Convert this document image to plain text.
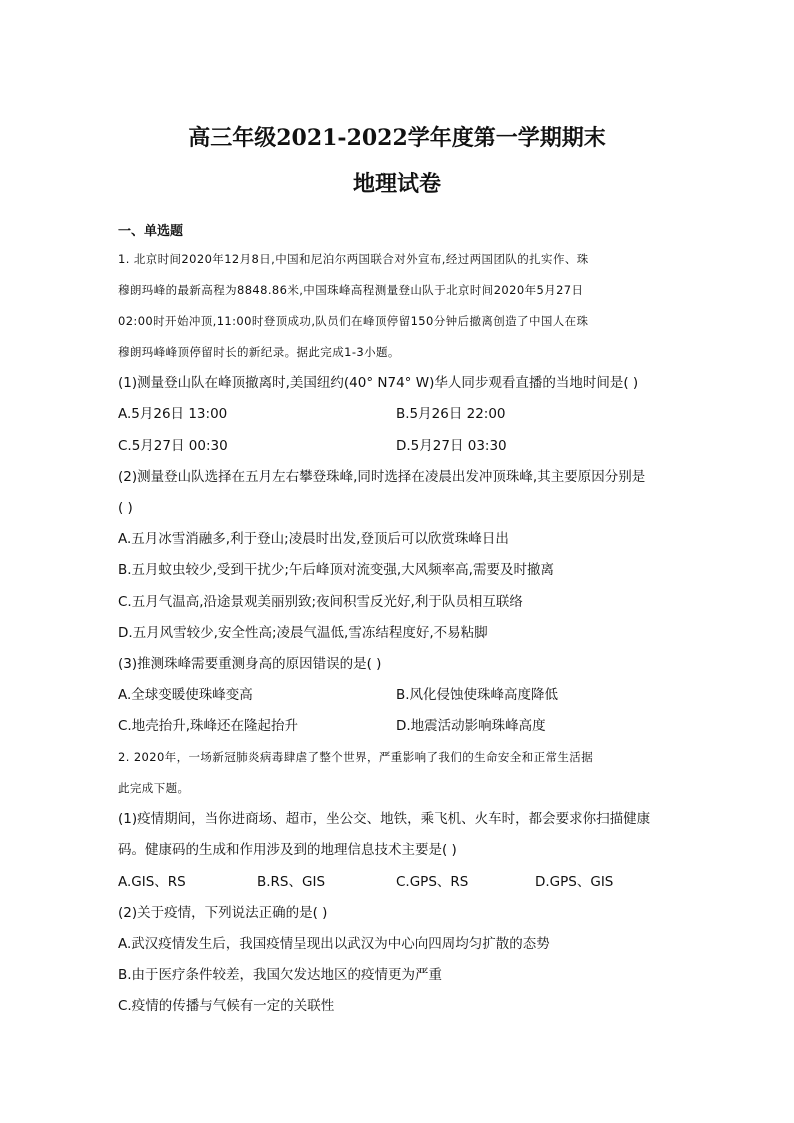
高三年级2021-2022学年度第一学期期末
地理试卷
一、单选题
1. 北京时间2020年12月8日,中国和尼泊尔两国联合对外宣布,经过两国团队的扎实作、珠
穆朗玛峰的最新高程为8848.86米,中国珠峰高程测量登山队于北京时间2020年5月27日
02:00时开始冲顶,11:00时登顶成功,队员们在峰顶停留150分钟后撤离创造了中国人在珠
穆朗玛峰峰顶停留时长的新纪录。据此完成1-3小题。
(1)测量登山队在峰顶撤离时,美国纽约(40° N74° W)华人同步观看直播的当地时间是( )
A.5月26日 13:00	B.5月26日 22:00
C.5月27日 00:30	D.5月27日 03:30
(2)测量登山队选择在五月左右攀登珠峰,同时选择在凌晨出发冲顶珠峰,其主要原因分别是
( )
A.五月冰雪消融多,利于登山;凌晨时出发,登顶后可以欣赏珠峰日出
B.五月蚊虫较少,受到干扰少;午后峰顶对流变强,大风频率高,需要及时撤离
C.五月气温高,沿途景观美丽别致;夜间积雪反光好,利于队员相互联络
D.五月风雪较少,安全性高;凌晨气温低,雪冻结程度好,不易粘脚
(3)推测珠峰需要重测身高的原因错误的是( )
A.全球变暖使珠峰变高	B.风化侵蚀使珠峰高度降低
C.地壳抬升,珠峰还在隆起抬升	D.地震活动影响珠峰高度
2. 2020年，一场新冠肺炎病毒肆虐了整个世界，严重影响了我们的生命安全和正常生活据
此完成下题。
(1)疫情期间，当你进商场、超市，坐公交、地铁，乘飞机、火车时，都会要求你扫描健康
码。健康码的生成和作用涉及到的地理信息技术主要是( )
A.GIS、RS	B.RS、GIS	C.GPS、RS	D.GPS、GIS
(2)关于疫情，下列说法正确的是( )
A.武汉疫情发生后，我国疫情呈现出以武汉为中心向四周均匀扩散的态势
B.由于医疗条件较差，我国欠发达地区的疫情更为严重
C.疫情的传播与气候有一定的关联性
